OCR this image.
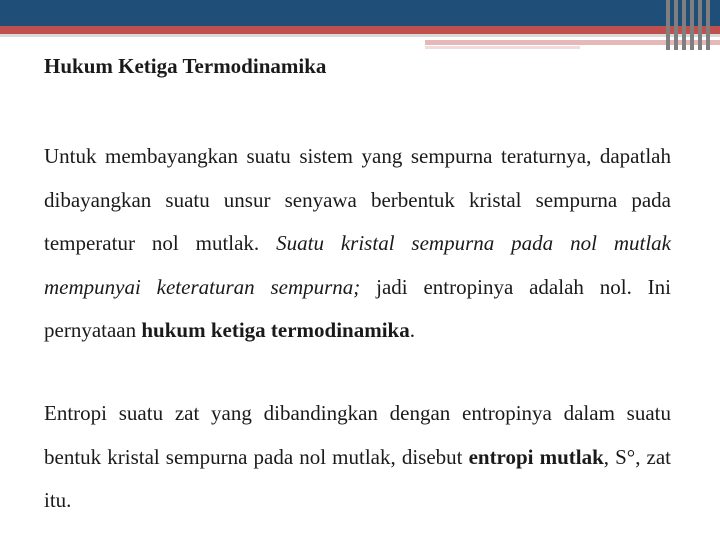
Hukum Ketiga Termodinamika
Untuk membayangkan suatu sistem yang sempurna teraturnya, dapatlah dibayangkan suatu unsur senyawa berbentuk kristal sempurna pada temperatur nol mutlak. Suatu kristal sempurna pada nol mutlak mempunyai keteraturan sempurna; jadi entropinya adalah nol. Ini pernyataan hukum ketiga termodinamika.
Entropi suatu zat yang dibandingkan dengan entropinya dalam suatu bentuk kristal sempurna pada nol mutlak, disebut entropi mutlak, S°, zat itu.
